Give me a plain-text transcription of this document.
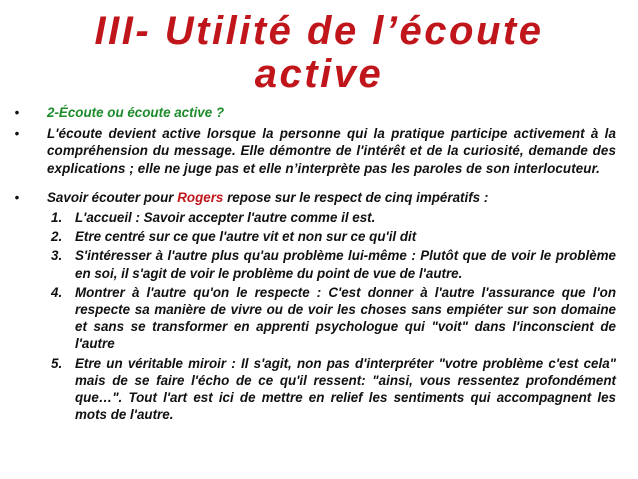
III- Utilité de l’écoute
active
•	2-Écoute ou écoute active ?
•	L'écoute devient active lorsque la personne qui la pratique participe activement à la compréhension du message. Elle démontre de l'intérêt et de la curiosité, demande des explications ; elle ne juge pas et elle n’interprète pas les paroles de son interlocuteur.
•	Savoir écouter pour Rogers repose sur le respect de cinq impératifs :
1. L'accueil : Savoir accepter l'autre comme il est.
2. Etre centré sur ce que l'autre vit et non sur ce qu'il dit
3. S'intéresser à l'autre plus qu'au problème lui-même : Plutôt que de voir le problème en soi, il s'agit de voir le problème du point de vue de l'autre.
4. Montrer à l'autre qu'on le respecte : C'est donner à l'autre l'assurance que l'on respecte sa manière de vivre ou de voir les choses sans empiéter sur son domaine et sans se transformer en apprenti psychologue qui "voit" dans l'inconscient de l'autre
5. Etre un véritable miroir : Il s'agit, non pas d'interpréter "votre problème c'est cela" mais de se faire l'écho de ce qu'il ressent: "ainsi, vous ressentez profondément que…". Tout l'art est ici de mettre en relief les sentiments qui accompagnent les mots de l'autre.
